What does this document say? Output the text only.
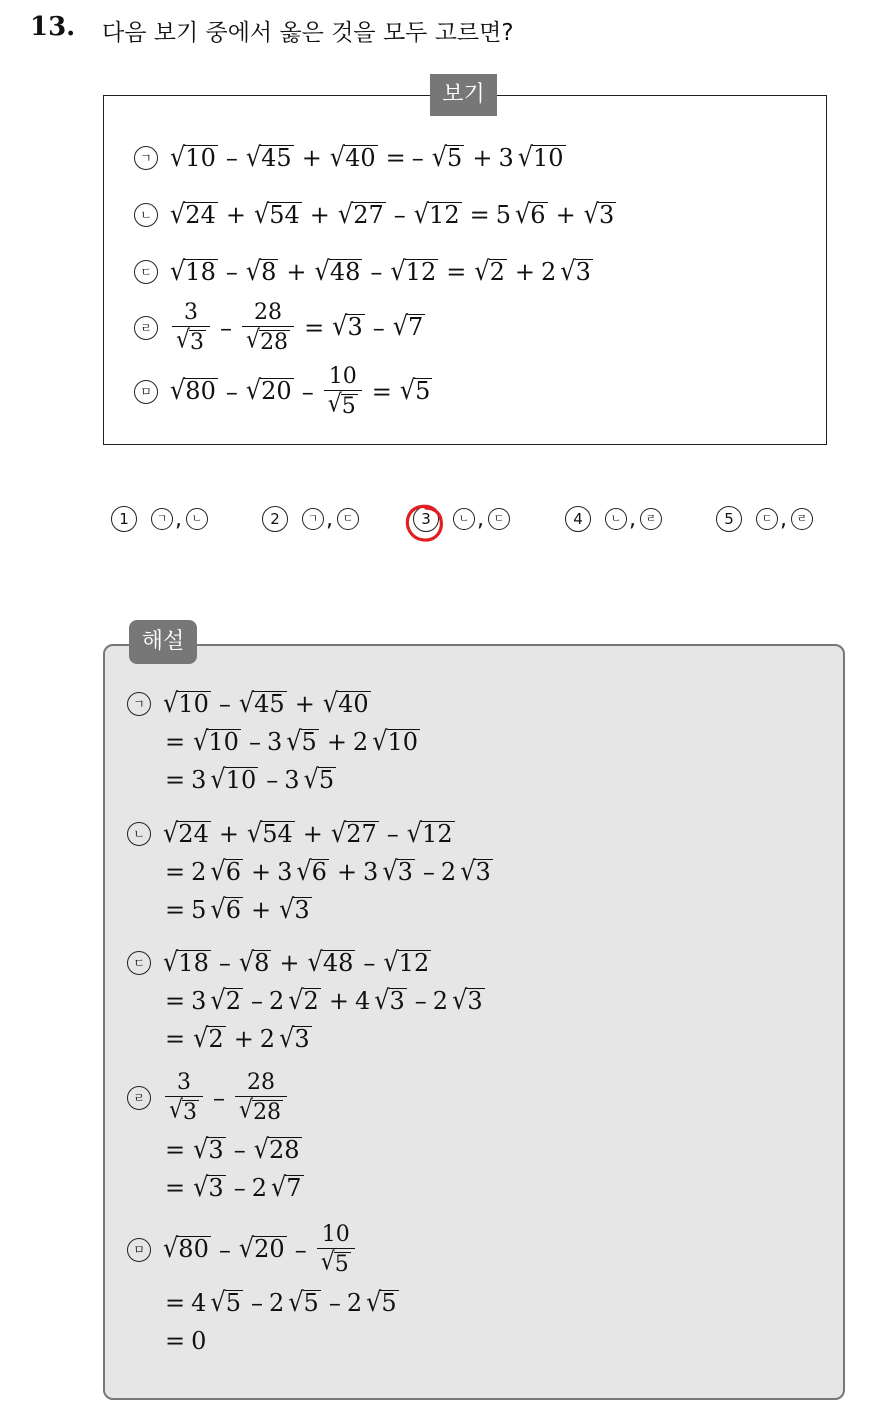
13. 다음 보기 중에서 옳은 것을 모두 고르면?
ㄱ √ 10 – √ 45 + √ 40 = – √ 5 + 3 √ 10
ㄴ √ 24 + √ 54 + √ 27 – √ 12 = 5 √ 6 + √ 3
ㄷ √ 18 – √ 8 + √ 48 – √ 12 = √ 2 + 2 √ 3
ㄹ $\frac{3}{√ 3} - \frac{28}{√ 28}$ = √ 3 – √ 7
ㅁ √ 80 – √ $20 - \frac{10}{√ 5}$ = √ 5
보기
1	ㄱ , ㄴ	2	ㄱ , ㄷ	3	ㄴ , ㄷ	4	ㄴ , ㄹ	5	ㄷ , ㄹ
ㄱ √ 10 – √ 45 + √ 40
= √ 10 – 3 √ 5 + 2 √ 10
= 3 √ 10 – 3 √ 5
ㄴ √ 24 + √ 54 + √ 27 – √ 12
= 2 √ 6 + 3 √ 6 + 3 √ 3 – 2 √ 3
= 5 √ 6 + √ 3
ㄷ √ 18 – √ 8 + √ 48 – √ 12
= 3 √ 2 – 2 √ 2 + 4 √ 3 – 2 √ 3
= √ 2 + 2 √ 3
ㄹ $\frac{3}{√ 3} - \frac{28}{√ 28}$
= √ 3 – √ 28
= √ 3 – 2 √ 7
ㅁ √ 80 – √ $20 - \frac{10}{√ 5}$
= 4 √ 5 – 2 √ 5 – 2 √ 5
= 0
해설
